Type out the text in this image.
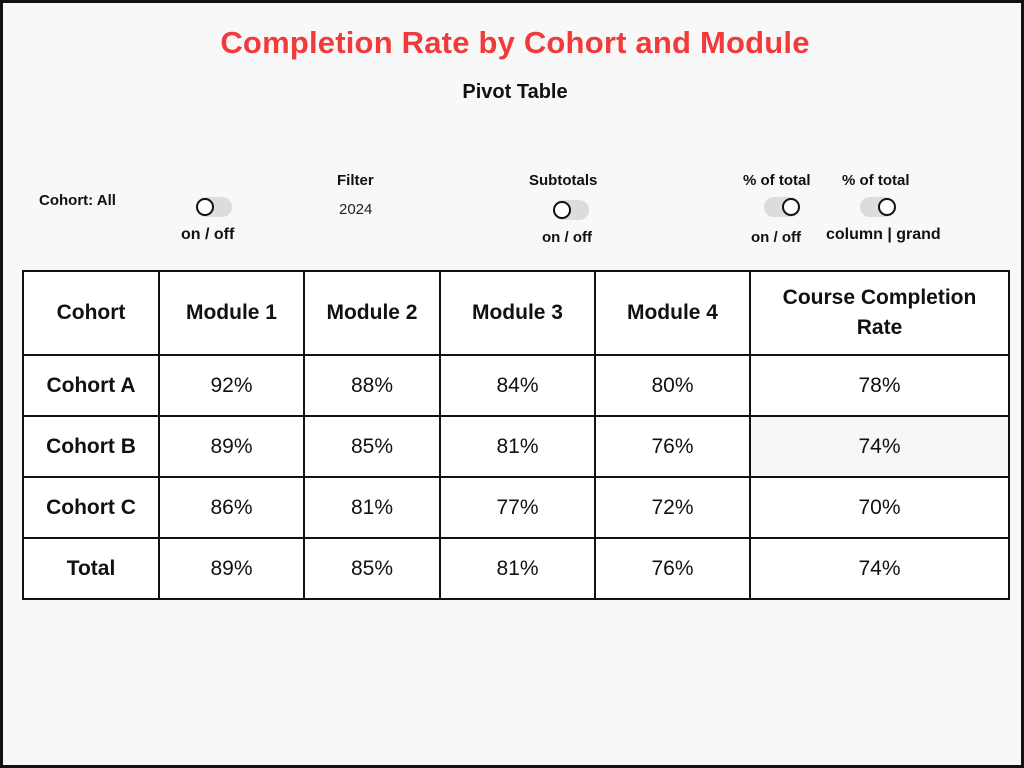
Completion Rate by Cohort and Module
Pivot Table
Cohort: All
on / off
Filter
2024
Subtotals
on / off
% of total
on / off
% of total
column | grand
Cohort	Module 1	Module 2	Module 3	Module 4	Course Completion Rate
Cohort A	92%	88%	84%	80%	78%
Cohort B	89%	85%	81%	76%	74%
Cohort C	86%	81%	77%	72%	70%
Total	89%	85%	81%	76%	74%
